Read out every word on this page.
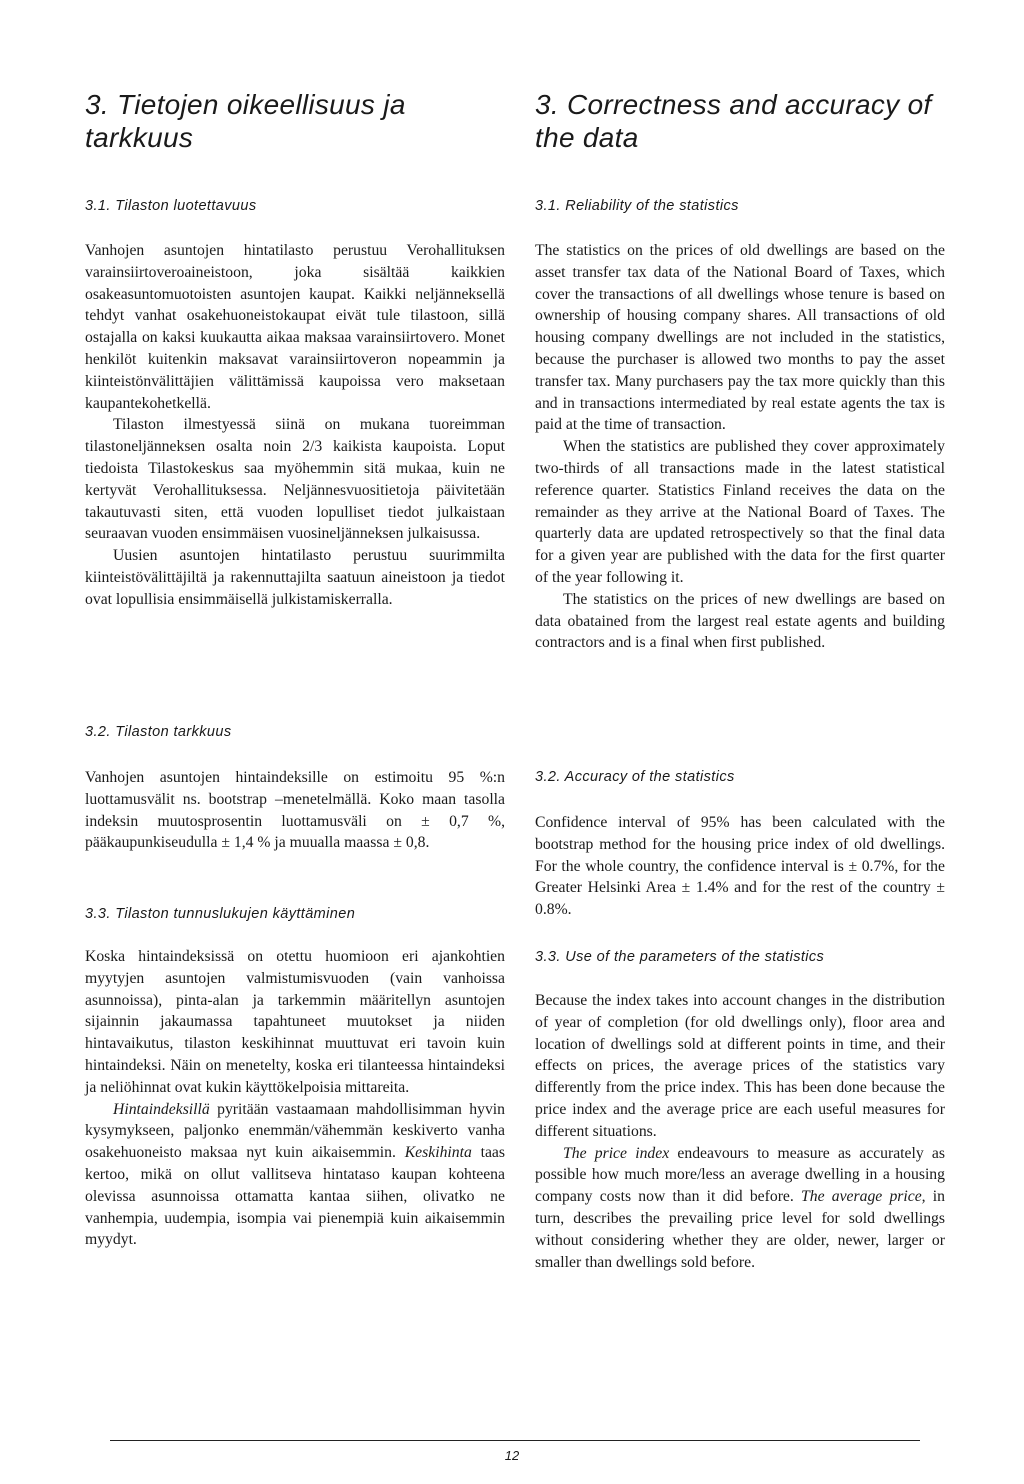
3. Tietojen oikeellisuus ja tarkkuus
3.1. Tilaston luotettavuus

Vanhojen asuntojen hintatilasto perustuu Verohallituksen varainsiirtoveroaineistoon, joka sisältää kaikkien osakeasuntomuotoisten asuntojen kaupat. Kaikki neljänneksellä tehdyt vanhat osakehuoneistokaupat eivät tule tilastoon, sillä ostajalla on kaksi kuukautta aikaa maksaa varainsiirtovero. Monet henkilöt kuitenkin maksavat varainsiirtoveron nopeammin ja kiinteistönvälittäjien välittämissä kaupoissa vero maksetaan kaupantekohetkellä.

Tilaston ilmestyessä siinä on mukana tuoreimman tilastoneljänneksen osalta noin 2/3 kaikista kaupoista. Loput tiedoista Tilastokeskus saa myöhemmin sitä mukaa, kuin ne kertyvät Verohallituksessa. Neljännesvuositietoja päivitetään takautuvasti siten, että vuoden lopulliset tiedot julkaistaan seuraavan vuoden ensimmäisen vuosineljänneksen julkaisussa.

Uusien asuntojen hintatilasto perustuu suurimmilta kiinteistövälittäjiltä ja rakennuttajilta saatuun aineistoon ja tiedot ovat lopullisia ensimmäisellä julkistamiskerralla.

3.2. Tilaston tarkkuus

Vanhojen asuntojen hintaindeksille on estimoitu 95 %:n luottamusvälit ns. bootstrap –menetelmällä. Koko maan tasolla indeksin muutosprosentin luottamusväli on ± 0,7 %, pääkaupunkiseudulla ± 1,4 % ja muualla maassa ± 0,8.

3.3. Tilaston tunnuslukujen käyttäminen

Koska hintaindeksissä on otettu huomioon eri ajankohtien myytyjen asuntojen valmistumisvuoden (vain vanhoissa asunnoissa), pinta-alan ja tarkemmin määritellyn asuntojen sijainnin jakaumassa tapahtuneet muutokset ja niiden hintavaikutus, tilaston keskihinnat muuttuvat eri tavoin kuin hintaindeksi. Näin on menetelty, koska eri tilanteessa hintaindeksi ja neliöhinnat ovat kukin käyttökelpoisia mittareita.

Hintaindeksillä pyritään vastaamaan mahdollisimman hyvin kysymykseen, paljonko enemmän/vähemmän keskiverto vanha osakehuoneisto maksaa nyt kuin aikaisemmin. Keskihinta taas kertoo, mikä on ollut vallitseva hintataso kaupan kohteena olevissa asunnoissa ottamatta kantaa siihen, olivatko ne vanhempia, uudempia, isompia vai pienempiä kuin aikaisemmin myydyt.

3. Correctness and accuracy of the data
3.1. Reliability of the statistics

The statistics on the prices of old dwellings are based on the asset transfer tax data of the National Board of Taxes, which cover the transactions of all dwellings whose tenure is based on ownership of housing company shares. All transactions of old housing company dwellings are not included in the statistics, because the purchaser is allowed two months to pay the asset transfer tax. Many purchasers pay the tax more quickly than this and in transactions intermediated by real estate agents the tax is paid at the time of transaction.

When the statistics are published they cover approximately two-thirds of all transactions made in the latest statistical reference quarter. Statistics Finland receives the data on the remainder as they arrive at the National Board of Taxes. The quarterly data are updated retrospectively so that the final data for a given year are published with the data for the first quarter of the year following it.

The statistics on the prices of new dwellings are based on data obatained from the largest real estate agents and building contractors and is a final when first published.

3.2. Accuracy of the statistics

Confidence interval of 95% has been calculated with the bootstrap method for the housing price index of old dwellings. For the whole country, the confidence interval is ± 0.7%, for the Greater Helsinki Area ± 1.4% and for the rest of the country ± 0.8%.

3.3. Use of the parameters of the statistics

Because the index takes into account changes in the distribution of year of completion (for old dwellings only), floor area and location of dwellings sold at different points in time, and their effects on prices, the average prices of the statistics vary differently from the price index. This has been done because the price index and the average price are each useful measures for different situations.

The price index endeavours to measure as accurately as possible how much more/less an average dwelling in a housing company costs now than it did before. The average price, in turn, describes the prevailing price level for sold dwellings without considering whether they are older, newer, larger or smaller than dwellings sold before.

12
